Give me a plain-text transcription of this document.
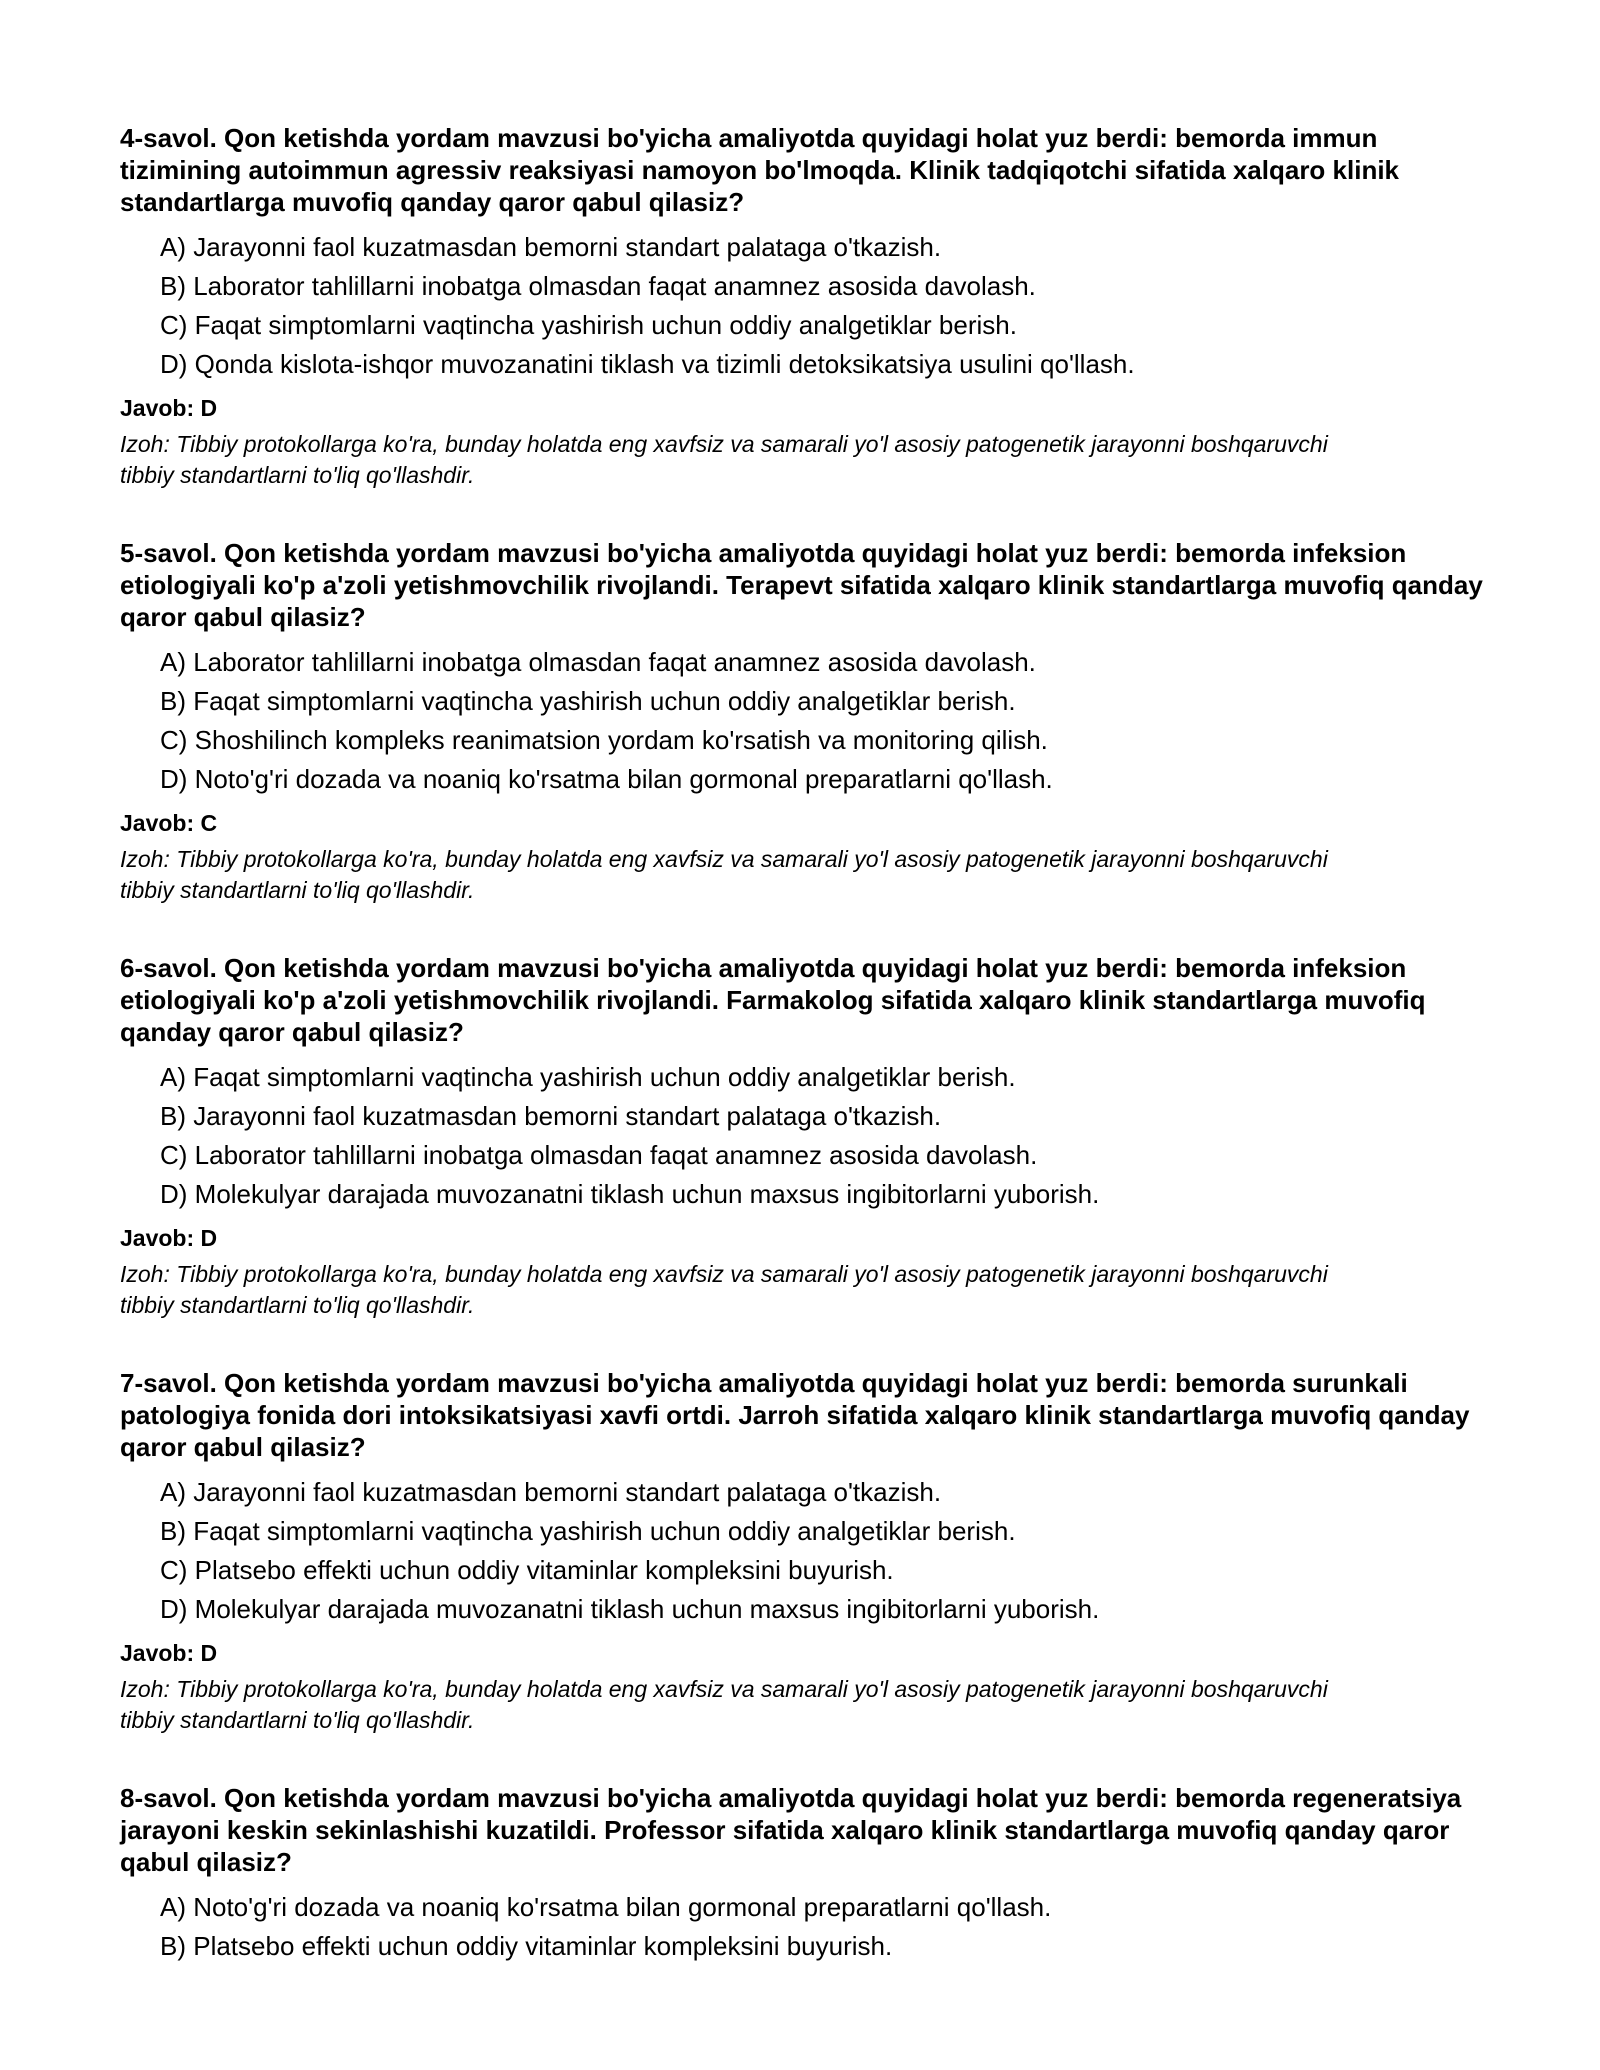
4-savol. Qon ketishda yordam mavzusi bo'yicha amaliyotda quyidagi holat yuz berdi: bemorda immun tizimining autoimmun agressiv reaksiyasi namoyon bo'lmoqda. Klinik tadqiqotchi sifatida xalqaro klinik standartlarga muvofiq qanday qaror qabul qilasiz?

A) Jarayonni faol kuzatmasdan bemorni standart palataga o'tkazish.
B) Laborator tahlillarni inobatga olmasdan faqat anamnez asosida davolash.
C) Faqat simptomlarni vaqtincha yashirish uchun oddiy analgetiklar berish.
D) Qonda kislota-ishqor muvozanatini tiklash va tizimli detoksikatsiya usulini qo'llash.

Javob: D

Izoh: Tibbiy protokollarga ko'ra, bunday holatda eng xavfsiz va samarali yo'l asosiy patogenetik jarayonni boshqaruvchi tibbiy standartlarni to'liq qo'llashdir.

5-savol. Qon ketishda yordam mavzusi bo'yicha amaliyotda quyidagi holat yuz berdi: bemorda infeksion etiologiyali ko'p a'zoli yetishmovchilik rivojlandi. Terapevt sifatida xalqaro klinik standartlarga muvofiq qanday qaror qabul qilasiz?

A) Laborator tahlillarni inobatga olmasdan faqat anamnez asosida davolash.
B) Faqat simptomlarni vaqtincha yashirish uchun oddiy analgetiklar berish.
C) Shoshilinch kompleks reanimatsion yordam ko'rsatish va monitoring qilish.
D) Noto'g'ri dozada va noaniq ko'rsatma bilan gormonal preparatlarni qo'llash.

Javob: C

Izoh: Tibbiy protokollarga ko'ra, bunday holatda eng xavfsiz va samarali yo'l asosiy patogenetik jarayonni boshqaruvchi tibbiy standartlarni to'liq qo'llashdir.

6-savol. Qon ketishda yordam mavzusi bo'yicha amaliyotda quyidagi holat yuz berdi: bemorda infeksion etiologiyali ko'p a'zoli yetishmovchilik rivojlandi. Farmakolog sifatida xalqaro klinik standartlarga muvofiq qanday qaror qabul qilasiz?

A) Faqat simptomlarni vaqtincha yashirish uchun oddiy analgetiklar berish.
B) Jarayonni faol kuzatmasdan bemorni standart palataga o'tkazish.
C) Laborator tahlillarni inobatga olmasdan faqat anamnez asosida davolash.
D) Molekulyar darajada muvozanatni tiklash uchun maxsus ingibitorlarni yuborish.

Javob: D

Izoh: Tibbiy protokollarga ko'ra, bunday holatda eng xavfsiz va samarali yo'l asosiy patogenetik jarayonni boshqaruvchi tibbiy standartlarni to'liq qo'llashdir.

7-savol. Qon ketishda yordam mavzusi bo'yicha amaliyotda quyidagi holat yuz berdi: bemorda surunkali patologiya fonida dori intoksikatsiyasi xavfi ortdi. Jarroh sifatida xalqaro klinik standartlarga muvofiq qanday qaror qabul qilasiz?

A) Jarayonni faol kuzatmasdan bemorni standart palataga o'tkazish.
B) Faqat simptomlarni vaqtincha yashirish uchun oddiy analgetiklar berish.
C) Platsebo effekti uchun oddiy vitaminlar kompleksini buyurish.
D) Molekulyar darajada muvozanatni tiklash uchun maxsus ingibitorlarni yuborish.

Javob: D

Izoh: Tibbiy protokollarga ko'ra, bunday holatda eng xavfsiz va samarali yo'l asosiy patogenetik jarayonni boshqaruvchi tibbiy standartlarni to'liq qo'llashdir.

8-savol. Qon ketishda yordam mavzusi bo'yicha amaliyotda quyidagi holat yuz berdi: bemorda regeneratsiya jarayoni keskin sekinlashishi kuzatildi. Professor sifatida xalqaro klinik standartlarga muvofiq qanday qaror qabul qilasiz?

A) Noto'g'ri dozada va noaniq ko'rsatma bilan gormonal preparatlarni qo'llash.
B) Platsebo effekti uchun oddiy vitaminlar kompleksini buyurish.
